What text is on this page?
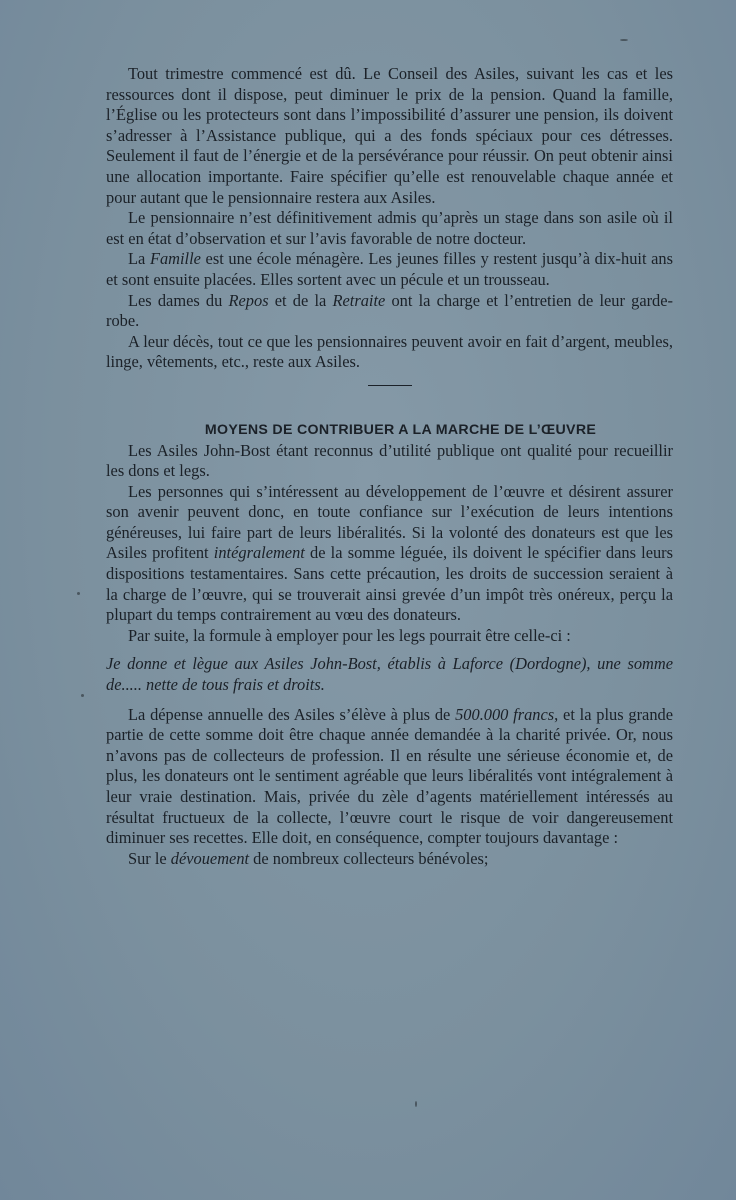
Tout trimestre commencé est dû. Le Conseil des Asiles, suivant les cas et les ressources dont il dispose, peut diminuer le prix de la pension. Quand la famille, l’Église ou les protecteurs sont dans l’impossibilité d’assurer une pension, ils doivent s’adresser à l’Assistance publique, qui a des fonds spéciaux pour ces détresses. Seulement il faut de l’énergie et de la persévérance pour réussir. On peut obtenir ainsi une allocation importante. Faire spécifier qu’elle est renouvelable chaque année et pour autant que le pensionnaire restera aux Asiles.

Le pensionnaire n’est définitivement admis qu’après un stage dans son asile où il est en état d’observation et sur l’avis favorable de notre docteur.

La Famille est une école ménagère. Les jeunes filles y restent jusqu’à dix-huit ans et sont ensuite placées. Elles sortent avec un pécule et un trousseau.

Les dames du Repos et de la Retraite ont la charge et l’entretien de leur garde-robe.

A leur décès, tout ce que les pensionnaires peuvent avoir en fait d’argent, meubles, linge, vêtements, etc., reste aux Asiles.

MOYENS DE CONTRIBUER A LA MARCHE DE L’ŒUVRE

Les Asiles John-Bost étant reconnus d’utilité publique ont qualité pour recueillir les dons et legs.

Les personnes qui s’intéressent au développement de l’œuvre et désirent assurer son avenir peuvent donc, en toute confiance sur l’exécution de leurs intentions généreuses, lui faire part de leurs libéralités. Si la volonté des donateurs est que les Asiles profitent intégralement de la somme léguée, ils doivent le spécifier dans leurs dispositions testamentaires. Sans cette précaution, les droits de succession seraient à la charge de l’œuvre, qui se trouverait ainsi grevée d’un impôt très onéreux, perçu la plupart du temps contrairement au vœu des donateurs.

Par suite, la formule à employer pour les legs pourrait être celle-ci :

Je donne et lègue aux Asiles John-Bost, établis à Laforce (Dordogne), une somme de..... nette de tous frais et droits.

La dépense annuelle des Asiles s’élève à plus de 500.000 francs, et la plus grande partie de cette somme doit être chaque année demandée à la charité privée. Or, nous n’avons pas de collecteurs de profession. Il en résulte une sérieuse économie et, de plus, les donateurs ont le sentiment agréable que leurs libéralités vont intégralement à leur vraie destination. Mais, privée du zèle d’agents matériellement intéressés au résultat fructueux de la collecte, l’œuvre court le risque de voir dangereusement diminuer ses recettes. Elle doit, en conséquence, compter toujours davantage :

Sur le dévouement de nombreux collecteurs bénévoles;
